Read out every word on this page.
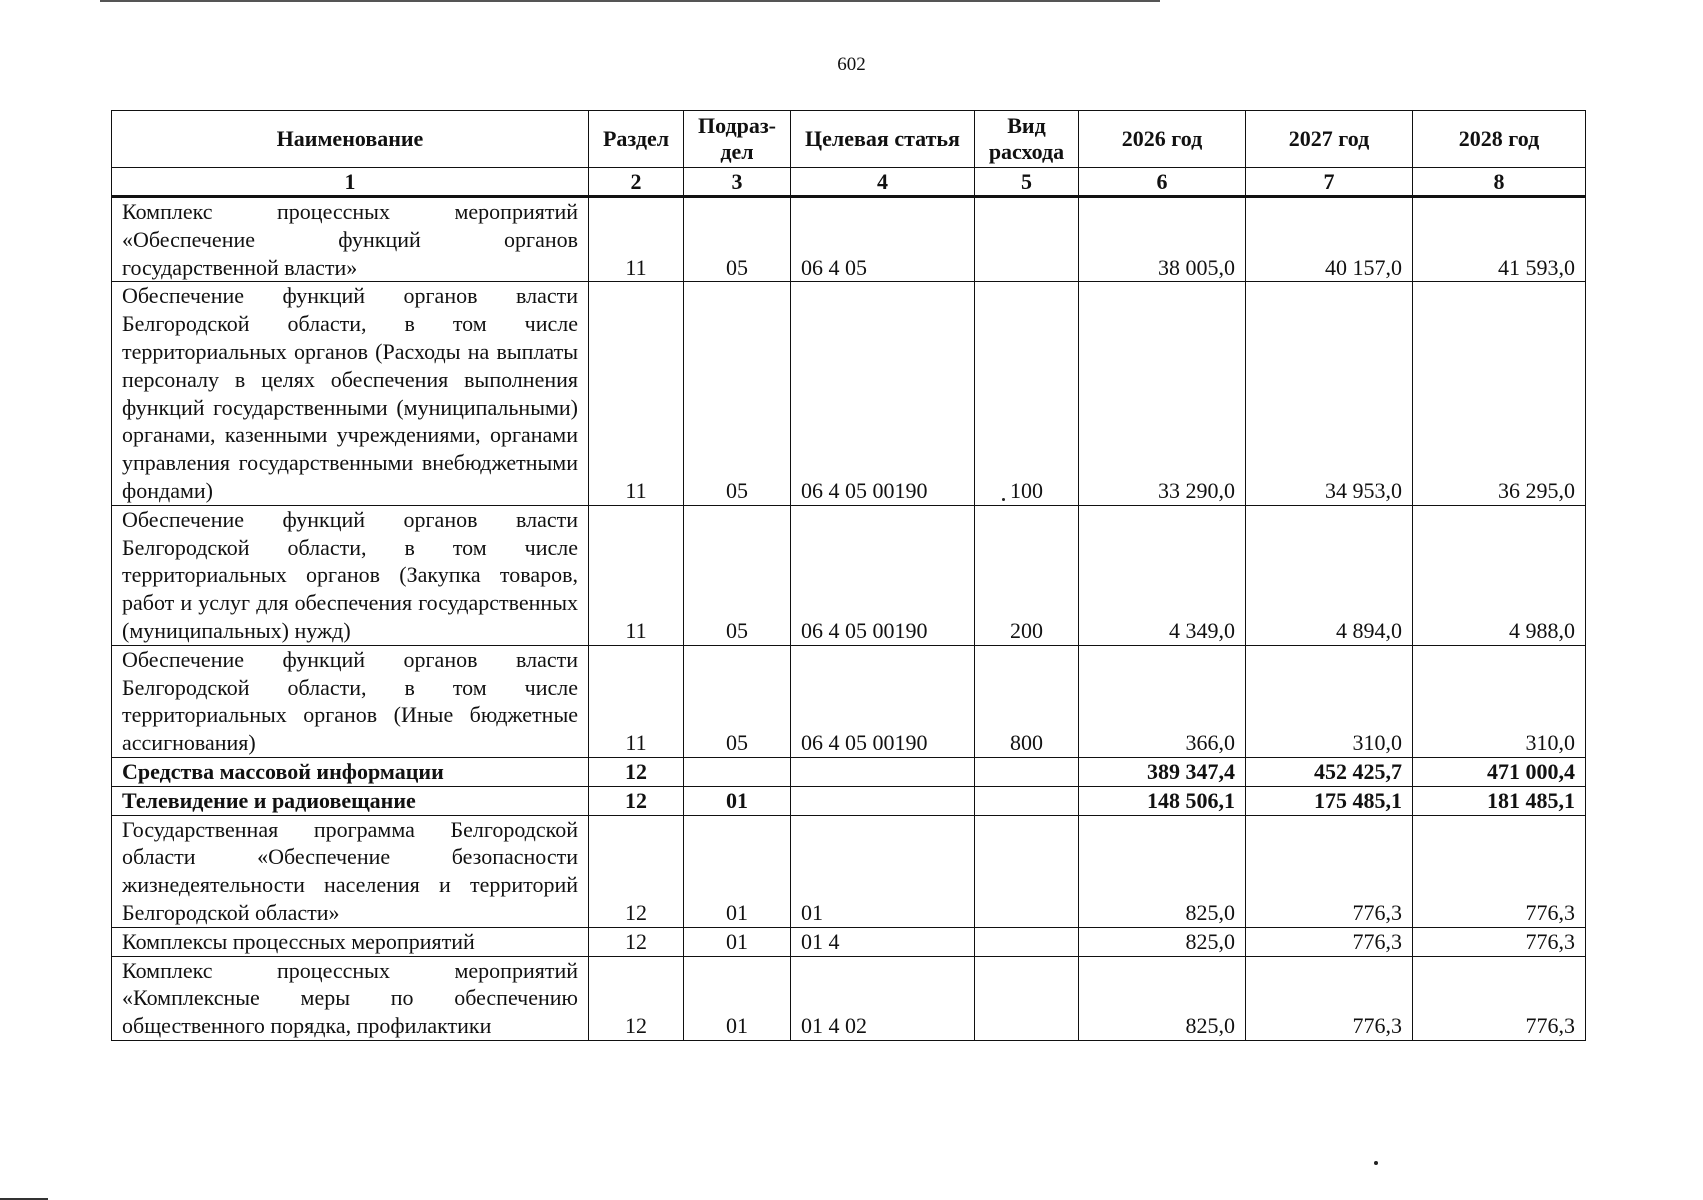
602
Наименование	Раздел	Подраз-дел	Целевая статья	Вид расхода	2026 год	2027 год	2028 год
1	2	3	4	5	6	7	8
Комплекс процессных мероприятий «Обеспечение функций органов государственной власти»	11	05	06 4 05		38 005,0	40 157,0	41 593,0
Обеспечение функций органов власти Белгородской области, в том числе территориальных органов (Расходы на выплаты персоналу в целях обеспечения выполнения функций государственными (муниципальными) органами, казенными учреждениями, органами управления государственными внебюджетными фондами)	11	05	06 4 05 00190	100	33 290,0	34 953,0	36 295,0
Обеспечение функций органов власти Белгородской области, в том числе территориальных органов (Закупка товаров, работ и услуг для обеспечения государственных (муниципальных) нужд)	11	05	06 4 05 00190	200	4 349,0	4 894,0	4 988,0
Обеспечение функций органов власти Белгородской области, в том числе территориальных органов (Иные бюджетные ассигнования)	11	05	06 4 05 00190	800	366,0	310,0	310,0
Средства массовой информации	12				389 347,4	452 425,7	471 000,4
Телевидение и радиовещание	12	01			148 506,1	175 485,1	181 485,1
Государственная программа Белгородской области «Обеспечение безопасности жизнедеятельности населения и территорий Белгородской области»	12	01	01		825,0	776,3	776,3
Комплексы процессных мероприятий	12	01	01 4		825,0	776,3	776,3
Комплекс процессных мероприятий «Комплексные меры по обеспечению общественного порядка, профилактики	12	01	01 4 02		825,0	776,3	776,3
